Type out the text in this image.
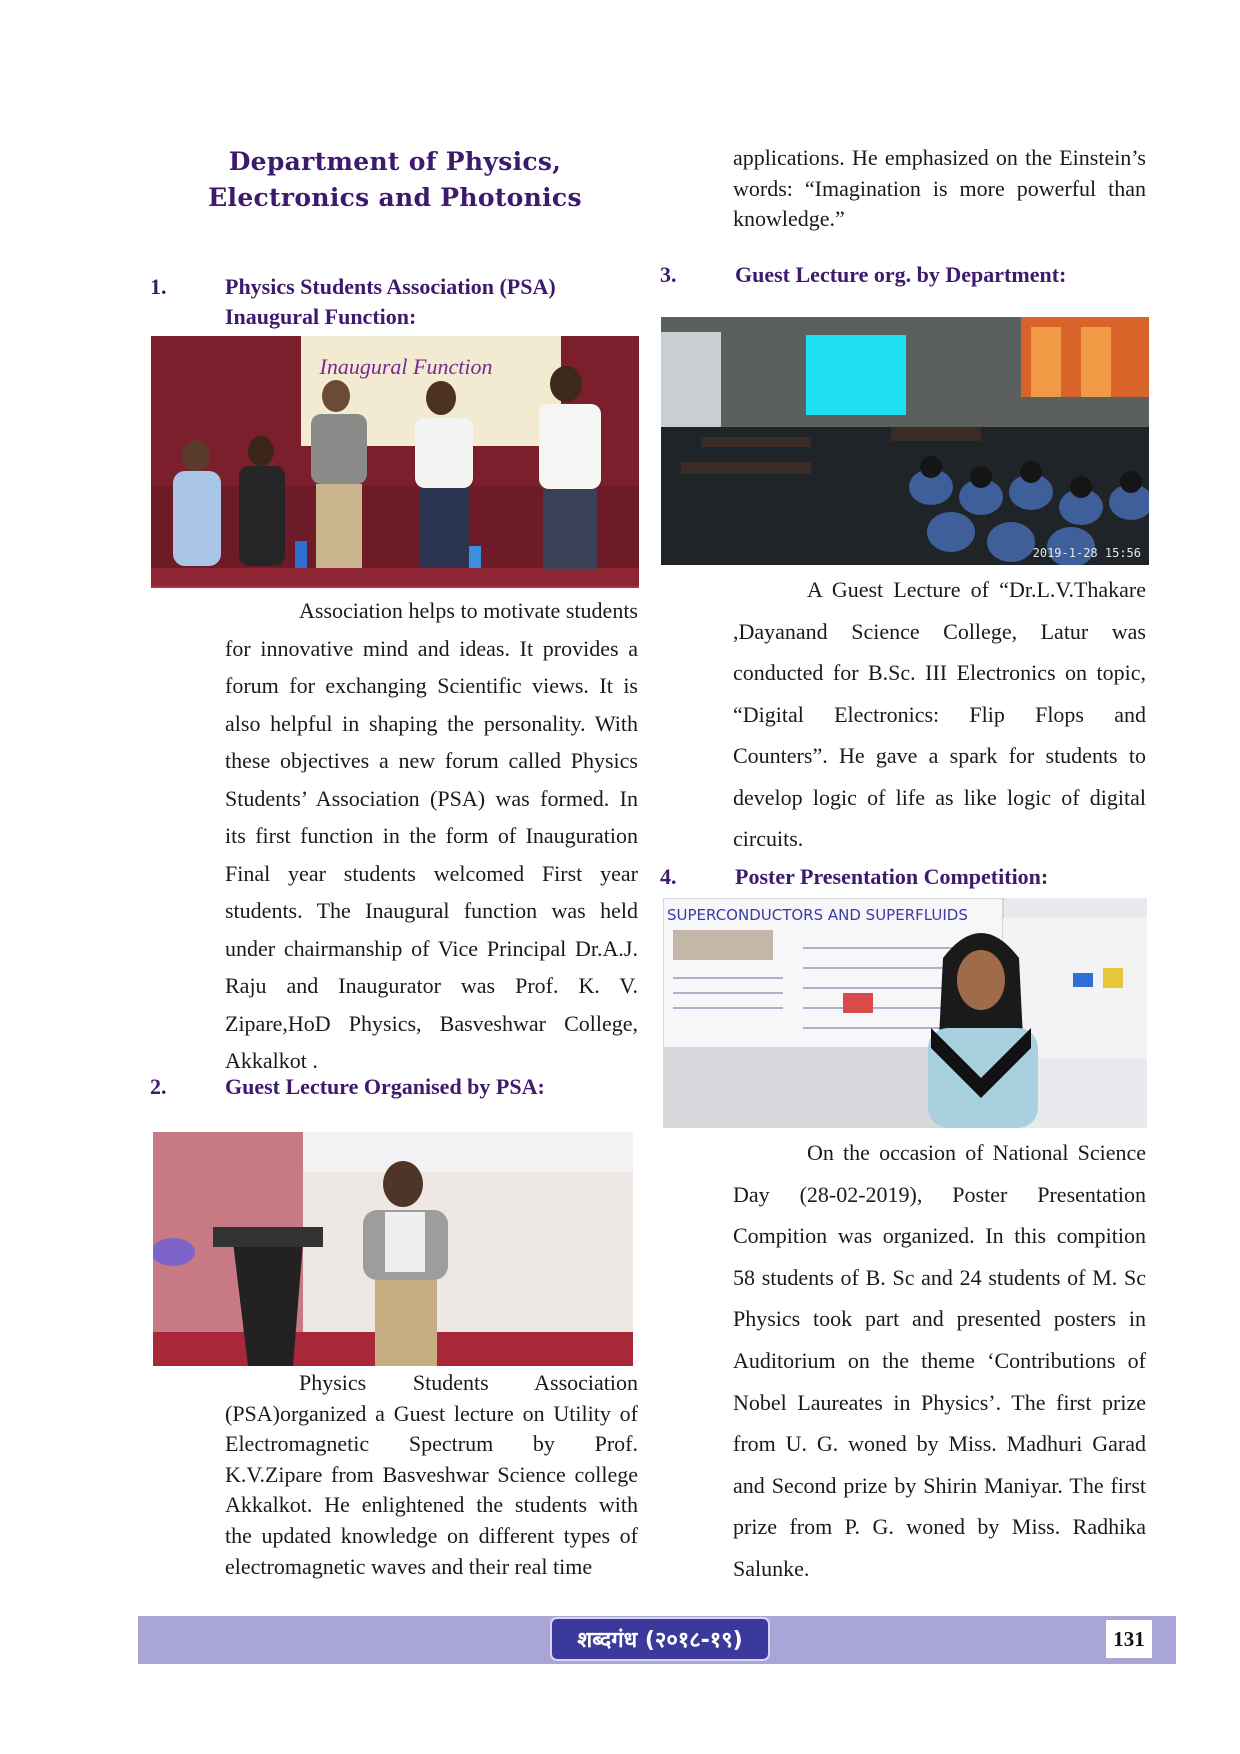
Department of Physics, Electronics and Photonics
1.	Physics Students Association (PSA) Inaugural Function:
Inaugural Function
Association helps to motivate students for innovative mind and ideas. It provides a forum for exchanging Scientific views. It is also helpful in shaping the personality. With these objectives a new forum called Physics Students’ Association (PSA) was formed. In its first function in the form of Inauguration Final year students welcomed First year students. The Inaugural function was held under chairmanship of Vice Principal Dr.A.J. Raju and Inaugurator was Prof. K. V. Zipare,HoD Physics, Basveshwar College, Akkalkot .
2.	Guest Lecture Organised by PSA:
Physics Students Association (PSA)organized a Guest lecture on Utility of Electromagnetic Spectrum by Prof. K.V.Zipare from Basveshwar Science college Akkalkot. He enlightened the students with the updated knowledge on different types of electromagnetic waves and their real time
applications. He emphasized on the Einstein’s words: “Imagination is more powerful than knowledge.”
3.	Guest Lecture org. by Department:
2019-1-28 15:56
A Guest Lecture of “Dr.L.V.Thakare ,Dayanand Science College, Latur was conducted for B.Sc. III Electronics on topic, “Digital Electronics: Flip Flops and Counters”. He gave a spark for students to develop logic of life as like logic of digital circuits.
4.	Poster Presentation Competition:
SUPERCONDUCTORS AND SUPERFLUIDS
On the occasion of National Science Day (28-02-2019), Poster Presentation Compition was organized. In this compition 58 students of B. Sc and 24 students of M. Sc Physics took part and presented posters in Auditorium on the theme ‘Contributions of Nobel Laureates in Physics’. The first prize from U. G. woned by Miss. Madhuri Garad and Second prize by Shirin Maniyar. The first prize from P. G. woned by Miss. Radhika Salunke.
शब्दगंध (२०१८-१९)	131
